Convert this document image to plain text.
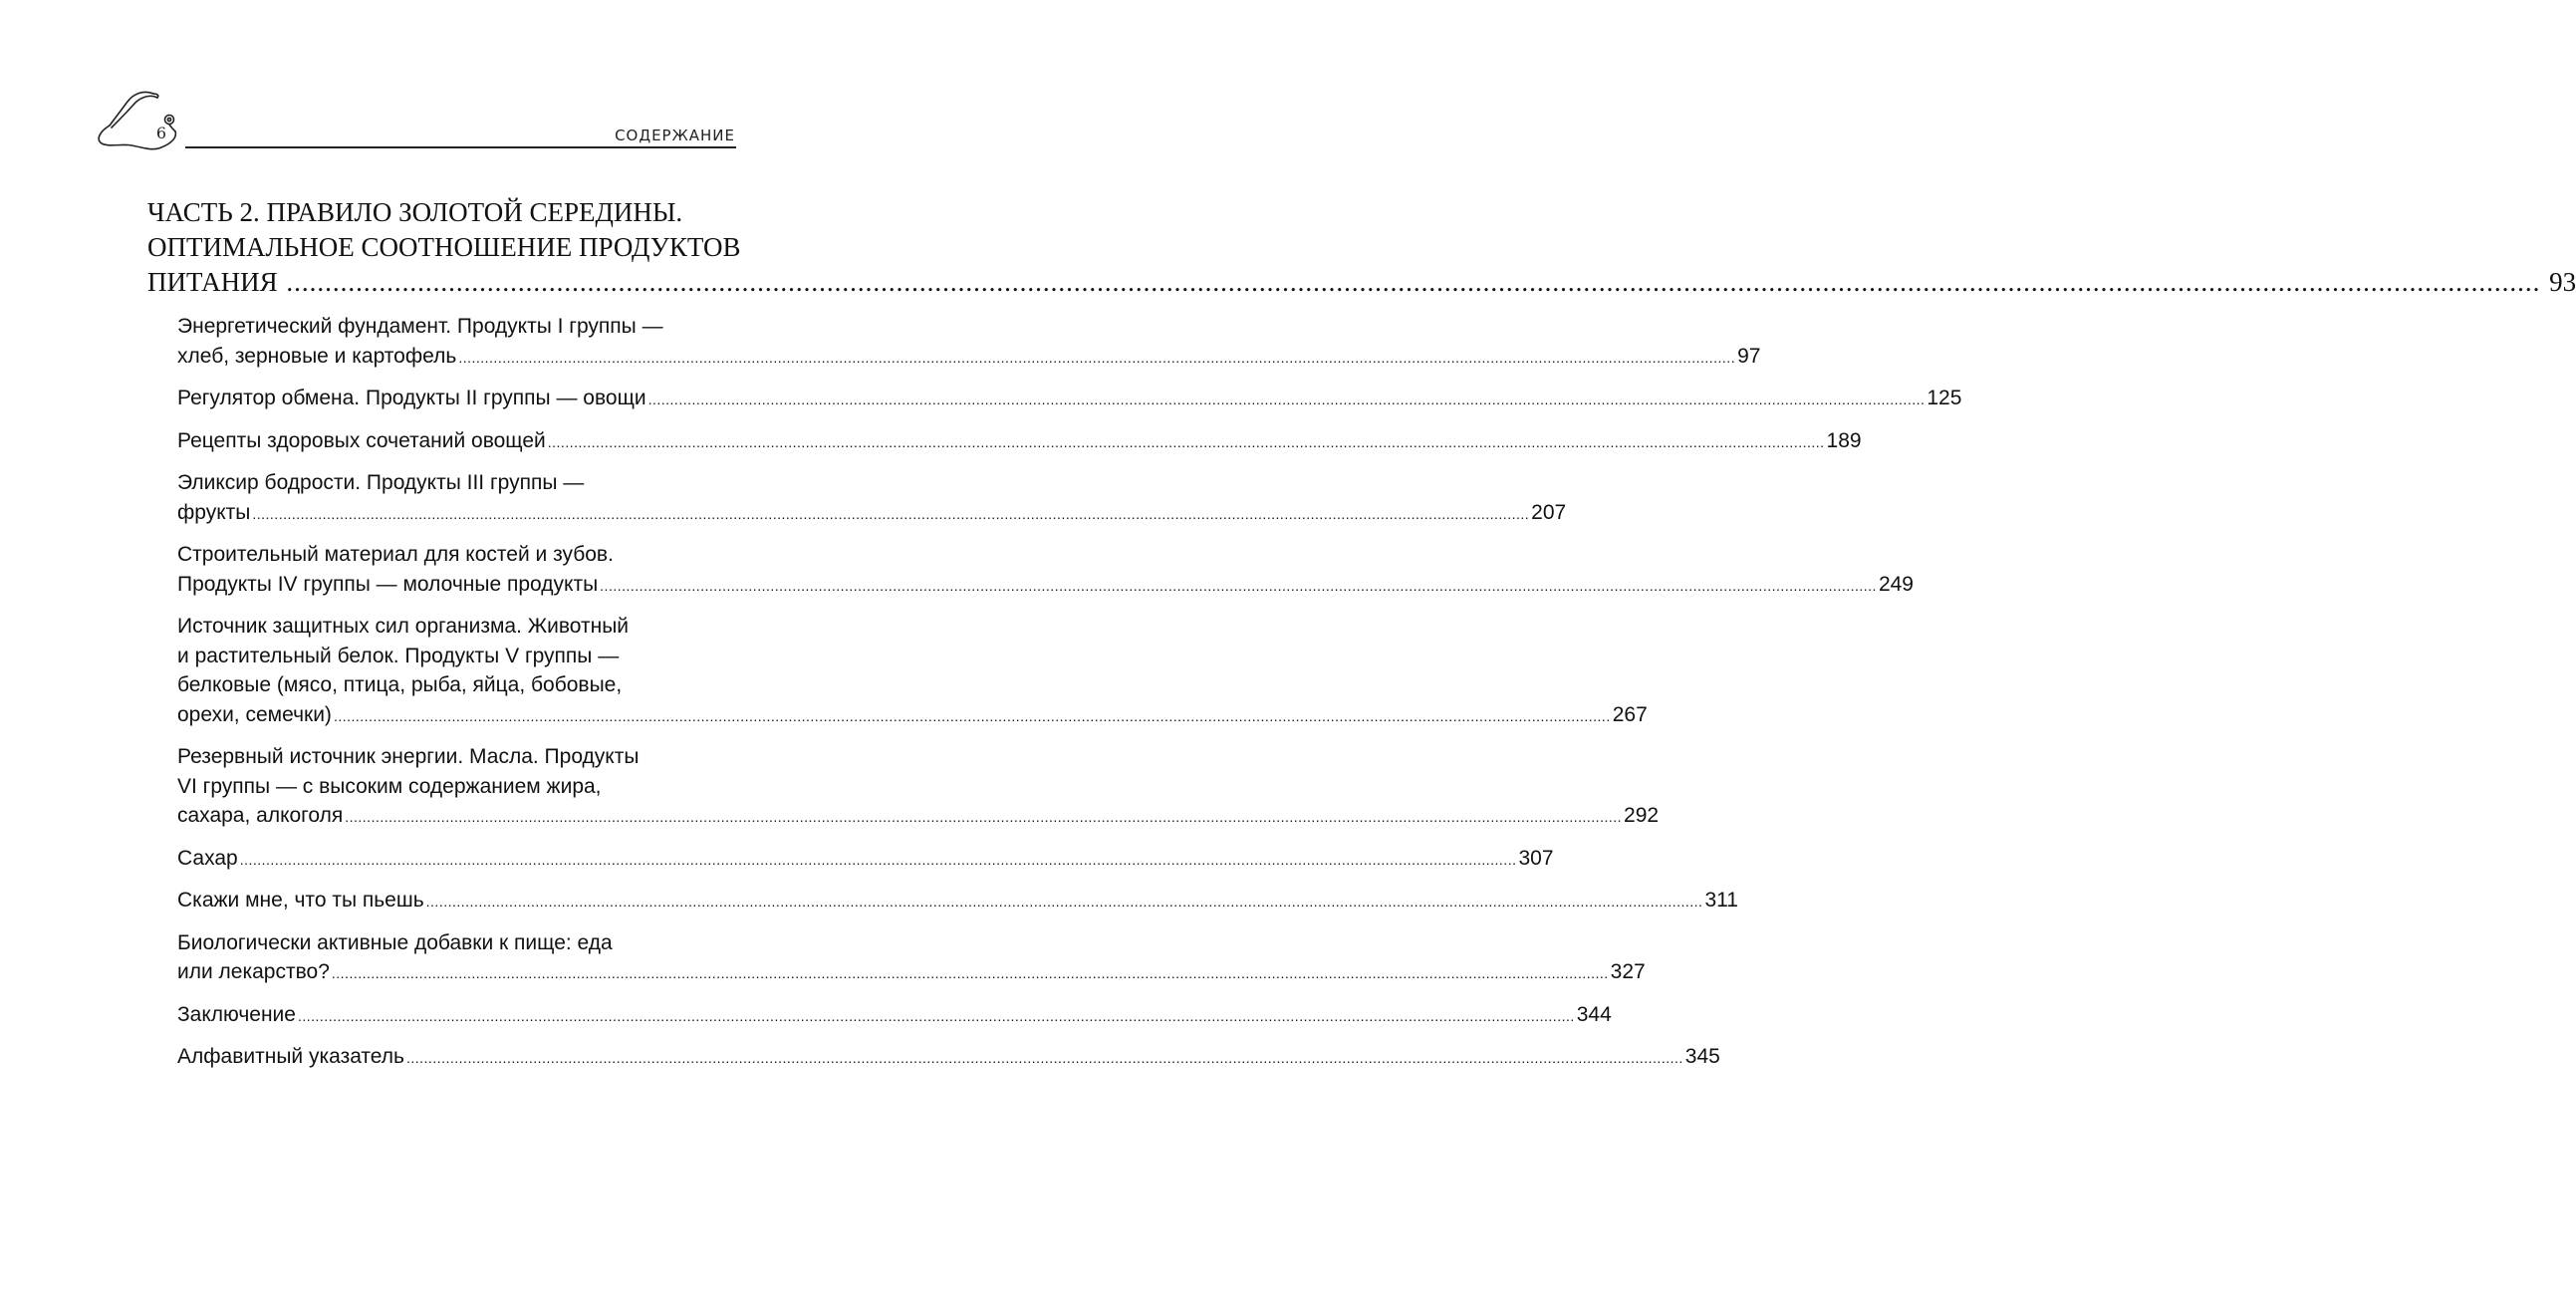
6	СОДЕРЖАНИЕ
ЧАСТЬ 2. ПРАВИЛО ЗОЛОТОЙ СЕРЕДИНЫ.
ОПТИМАЛЬНОЕ СООТНОШЕНИЕ ПРОДУКТОВ
ПИТАНИЯ .....	93
Энергетический фундамент. Продукты I группы —
хлеб, зерновые и картофель .....	97
Регулятор обмена. Продукты II группы — овощи .....	125
Рецепты здоровых сочетаний овощей .....	189
Эликсир бодрости. Продукты III группы —
фрукты .....	207
Строительный материал для костей и зубов.
Продукты IV группы — молочные продукты .....	249
Источник защитных сил организма. Животный
и растительный белок. Продукты V группы —
белковые (мясо, птица, рыба, яйца, бобовые,
орехи, семечки) .....	267
Резервный источник энергии. Масла. Продукты
VI группы — с высоким содержанием жира,
сахара, алкоголя .....	292
Сахар .....	307
Скажи мне, что ты пьешь .....	311
Биологически активные добавки к пище: еда
или лекарство? .....	327
Заключение .....	344
Алфавитный указатель .....	345
